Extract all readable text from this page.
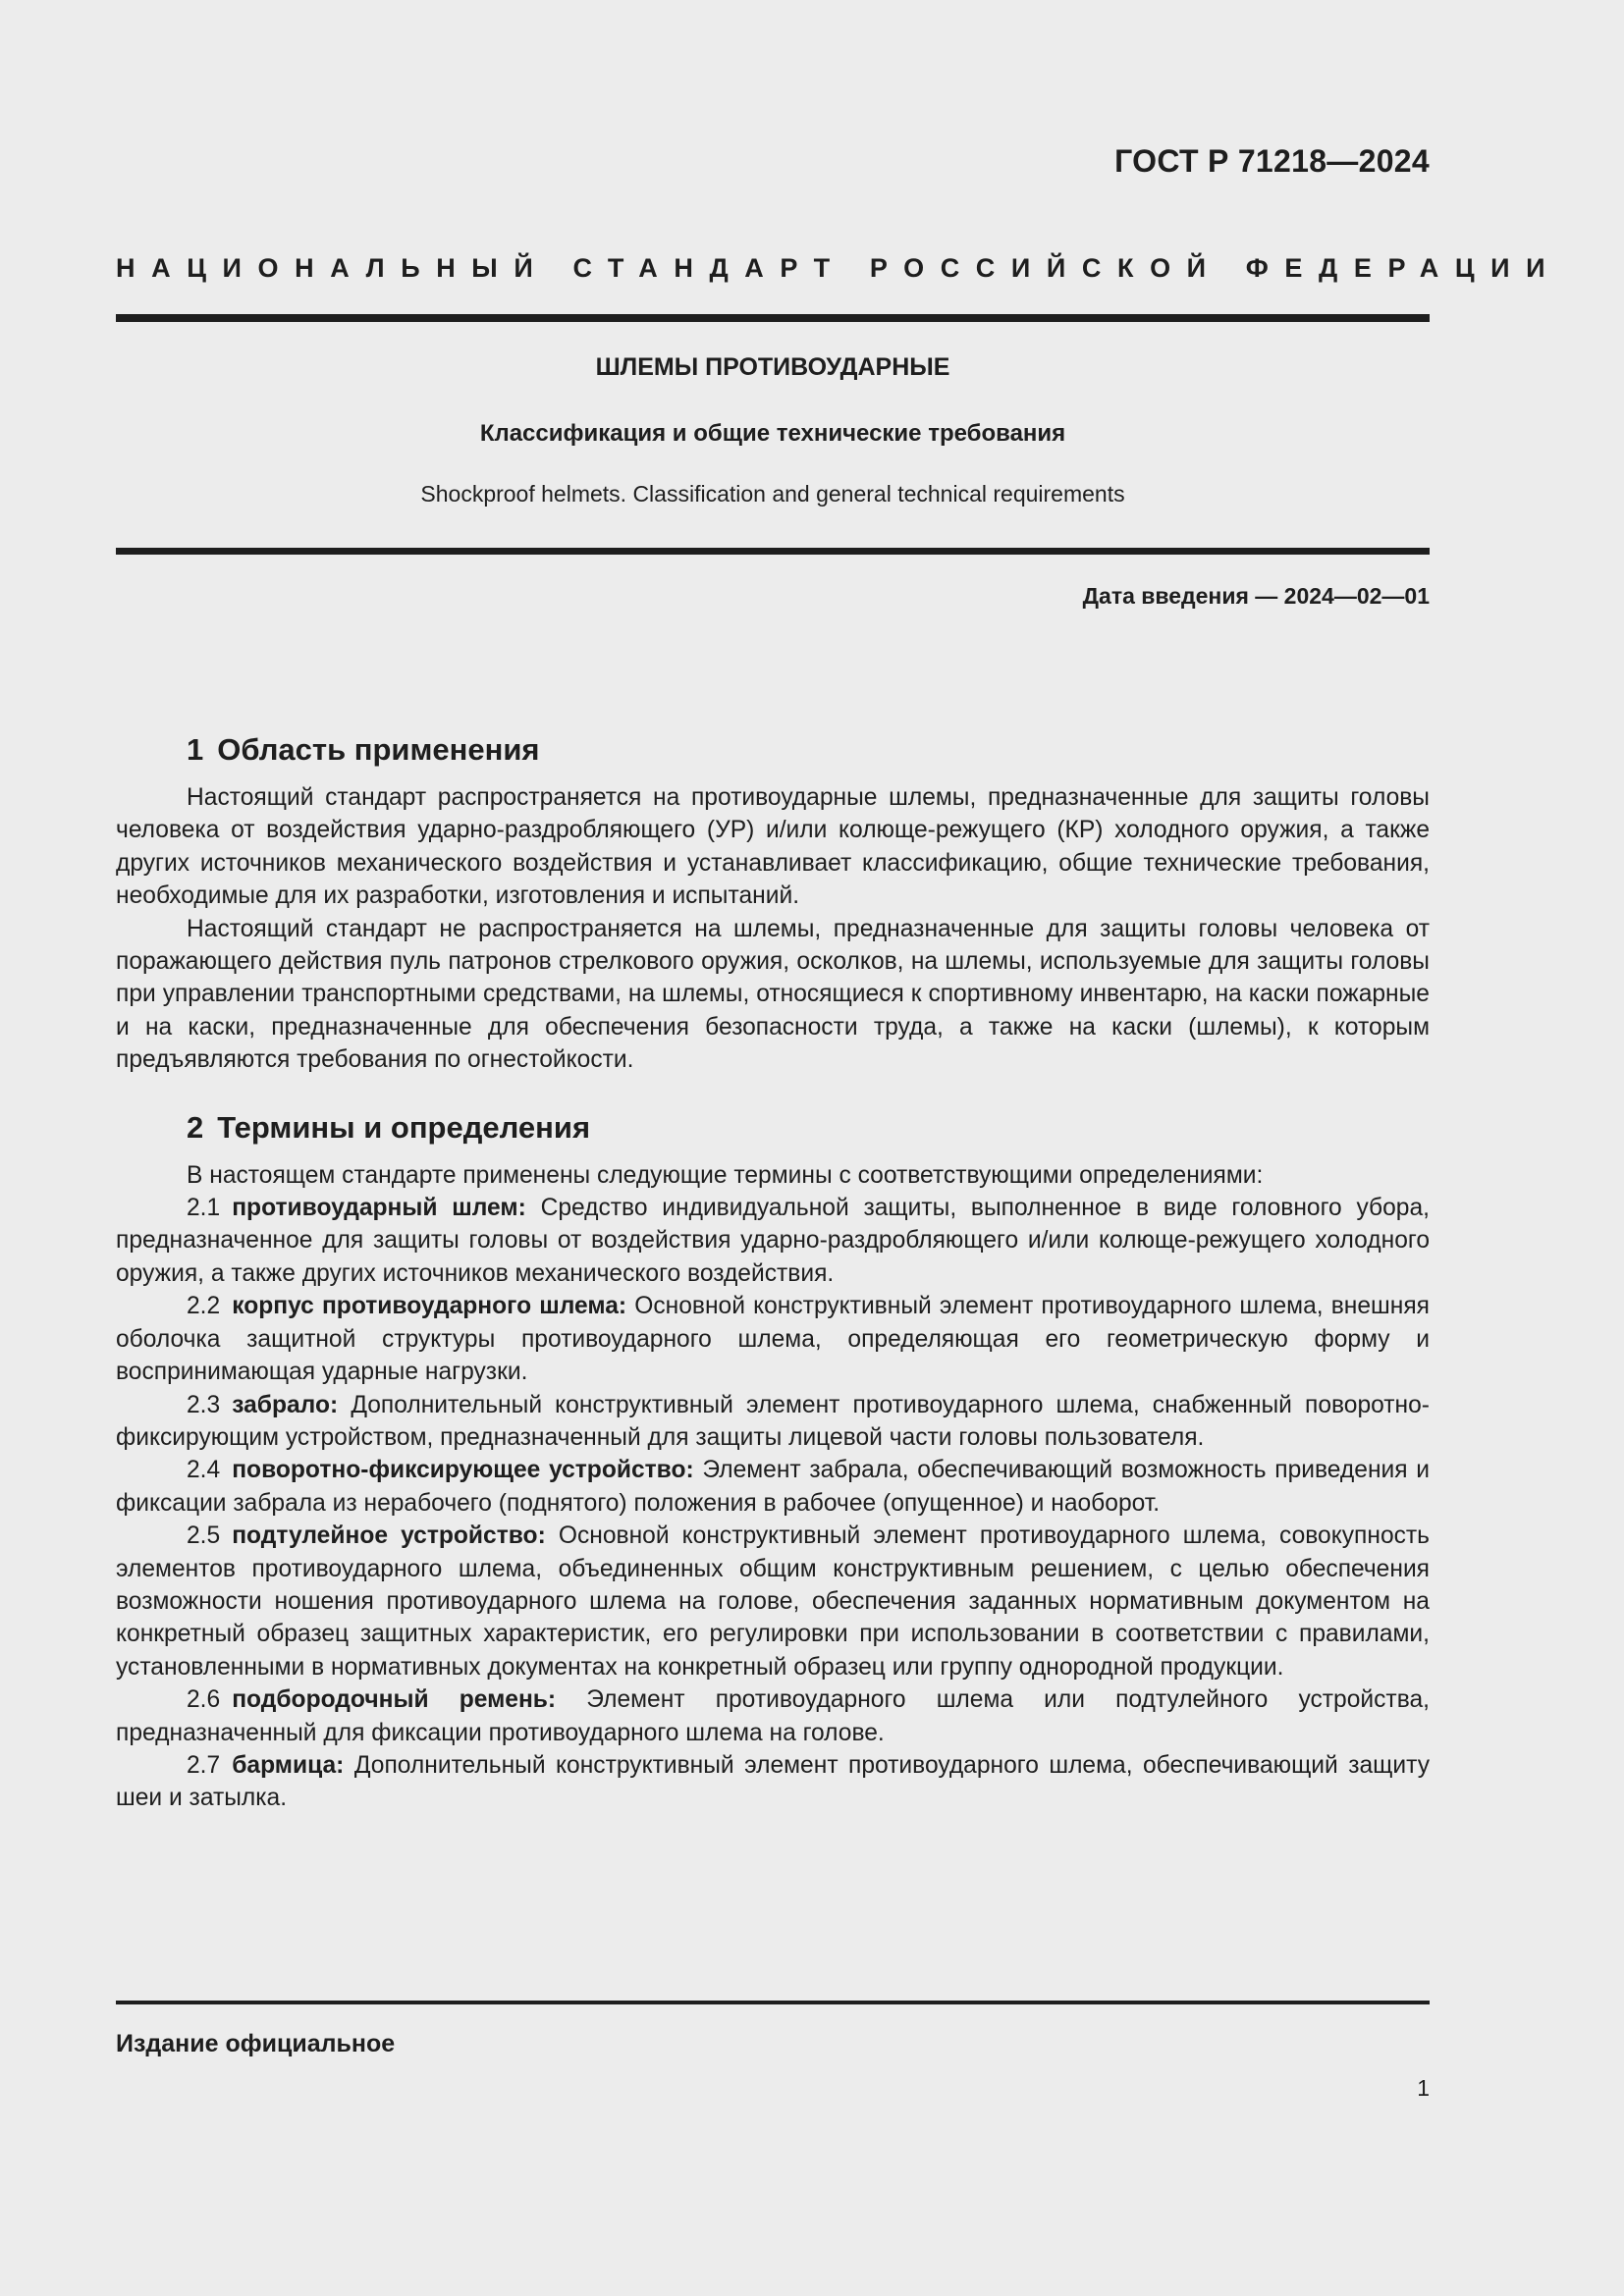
ГОСТ Р 71218—2024
НАЦИОНАЛЬНЫЙ СТАНДАРТ РОССИЙСКОЙ ФЕДЕРАЦИИ
ШЛЕМЫ ПРОТИВОУДАРНЫЕ
Классификация и общие технические требования
Shockproof helmets. Classification and general technical requirements
Дата введения — 2024—02—01
1 Область применения

Настоящий стандарт распространяется на противоударные шлемы, предназначенные для защиты головы человека от воздействия ударно-раздробляющего (УР) и/или колюще-режущего (КР) холодного оружия, а также других источников механического воздействия и устанавливает классификацию, общие технические требования, необходимые для их разработки, изготовления и испытаний.

Настоящий стандарт не распространяется на шлемы, предназначенные для защиты головы человека от поражающего действия пуль патронов стрелкового оружия, осколков, на шлемы, используемые для защиты головы при управлении транспортными средствами, на шлемы, относящиеся к спортивному инвентарю, на каски пожарные и на каски, предназначенные для обеспечения безопасности труда, а также на каски (шлемы), к которым предъявляются требования по огнестойкости.

2 Термины и определения

В настоящем стандарте применены следующие термины с соответствующими определениями:

2.1 противоударный шлем: Средство индивидуальной защиты, выполненное в виде головного убора, предназначенное для защиты головы от воздействия ударно-раздробляющего и/или колюще-режущего холодного оружия, а также других источников механического воздействия.

2.2 корпус противоударного шлема: Основной конструктивный элемент противоударного шлема, внешняя оболочка защитной структуры противоударного шлема, определяющая его геометрическую форму и воспринимающая ударные нагрузки.

2.3 забрало: Дополнительный конструктивный элемент противоударного шлема, снабженный поворотно-фиксирующим устройством, предназначенный для защиты лицевой части головы пользователя.

2.4 поворотно-фиксирующее устройство: Элемент забрала, обеспечивающий возможность приведения и фиксации забрала из нерабочего (поднятого) положения в рабочее (опущенное) и наоборот.

2.5 подтулейное устройство: Основной конструктивный элемент противоударного шлема, совокупность элементов противоударного шлема, объединенных общим конструктивным решением, с целью обеспечения возможности ношения противоударного шлема на голове, обеспечения заданных нормативным документом на конкретный образец защитных характеристик, его регулировки при использовании в соответствии с правилами, установленными в нормативных документах на конкретный образец или группу однородной продукции.

2.6 подбородочный ремень: Элемент противоударного шлема или подтулейного устройства, предназначенный для фиксации противоударного шлема на голове.

2.7 бармица: Дополнительный конструктивный элемент противоударного шлема, обеспечивающий защиту шеи и затылка.

Издание официальное
1
